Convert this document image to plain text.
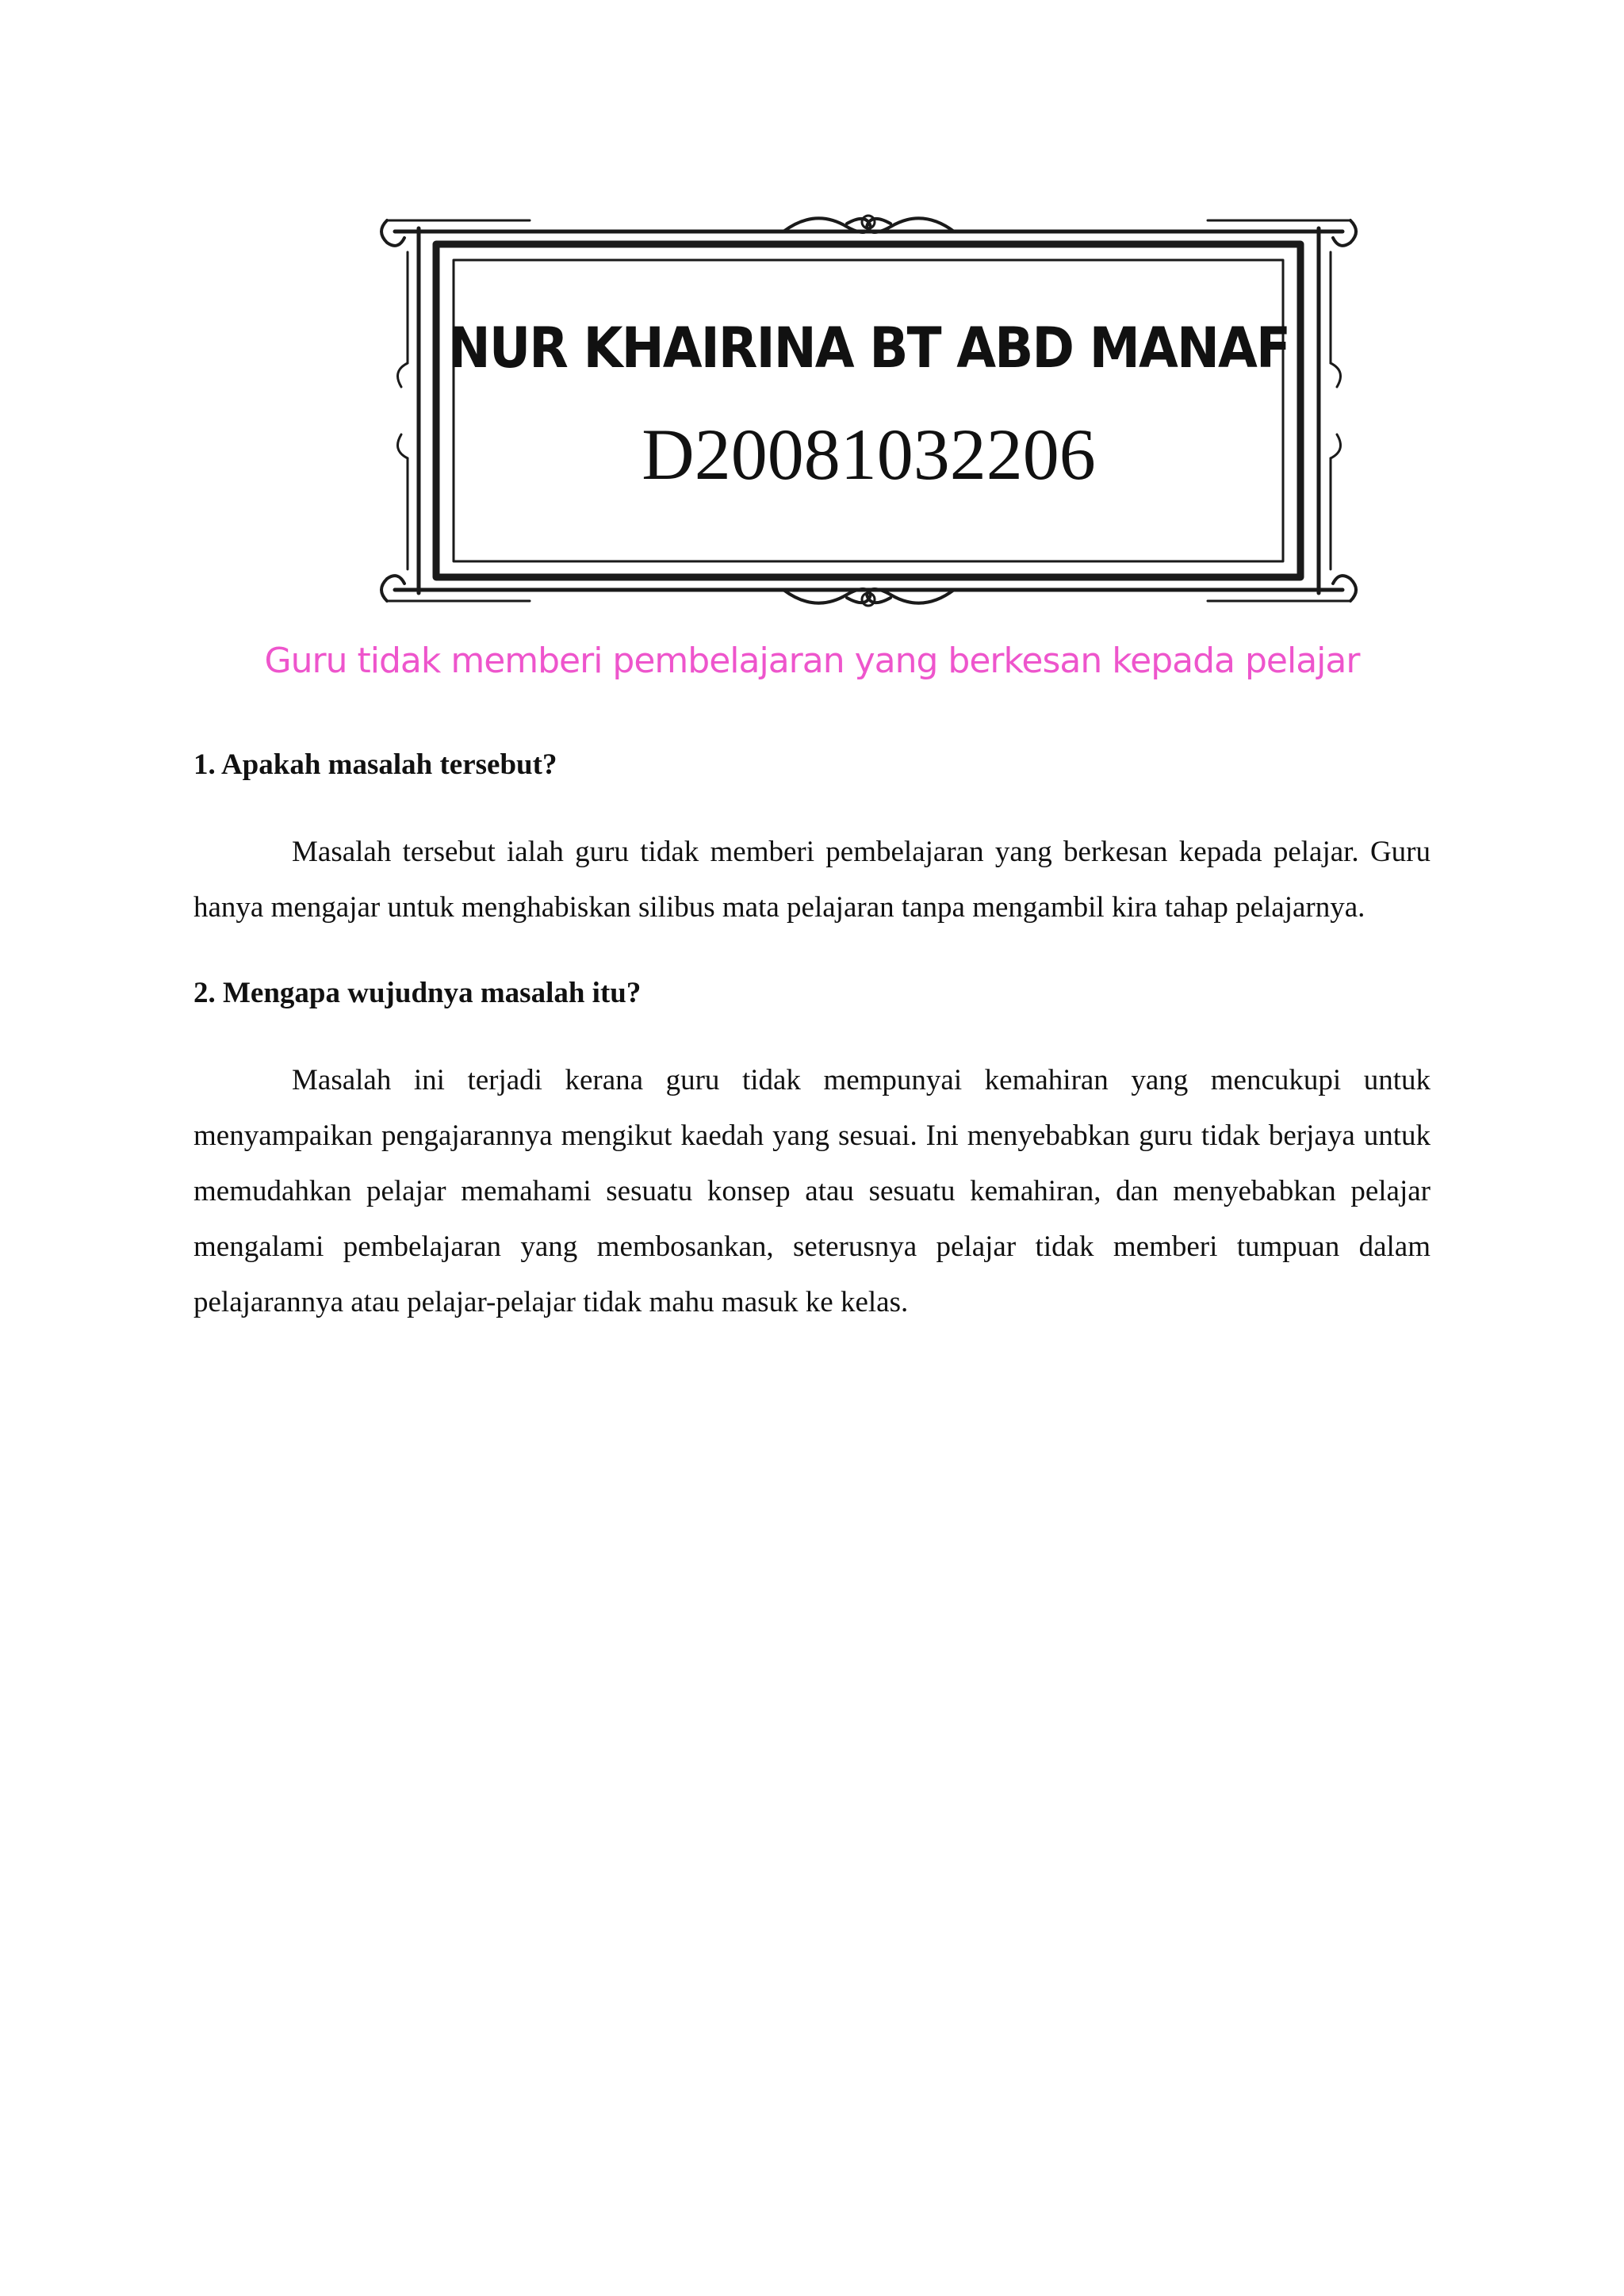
NUR KHAIRINA BT ABD MANAF
D20081032206
Guru tidak memberi pembelajaran yang berkesan kepada pelajar

1. Apakah masalah tersebut?

Masalah tersebut ialah guru tidak memberi pembelajaran yang berkesan kepada pelajar. Guru hanya mengajar untuk menghabiskan silibus mata pelajaran tanpa mengambil kira tahap pelajarnya.

2. Mengapa wujudnya masalah itu?

Masalah ini terjadi kerana guru tidak mempunyai kemahiran yang mencukupi untuk menyampaikan pengajarannya mengikut kaedah yang sesuai. Ini menyebabkan guru tidak berjaya untuk memudahkan pelajar memahami sesuatu konsep atau sesuatu kemahiran, dan menyebabkan pelajar mengalami pembelajaran yang membosankan, seterusnya pelajar tidak memberi tumpuan dalam pelajarannya atau pelajar-pelajar tidak mahu masuk ke kelas.
